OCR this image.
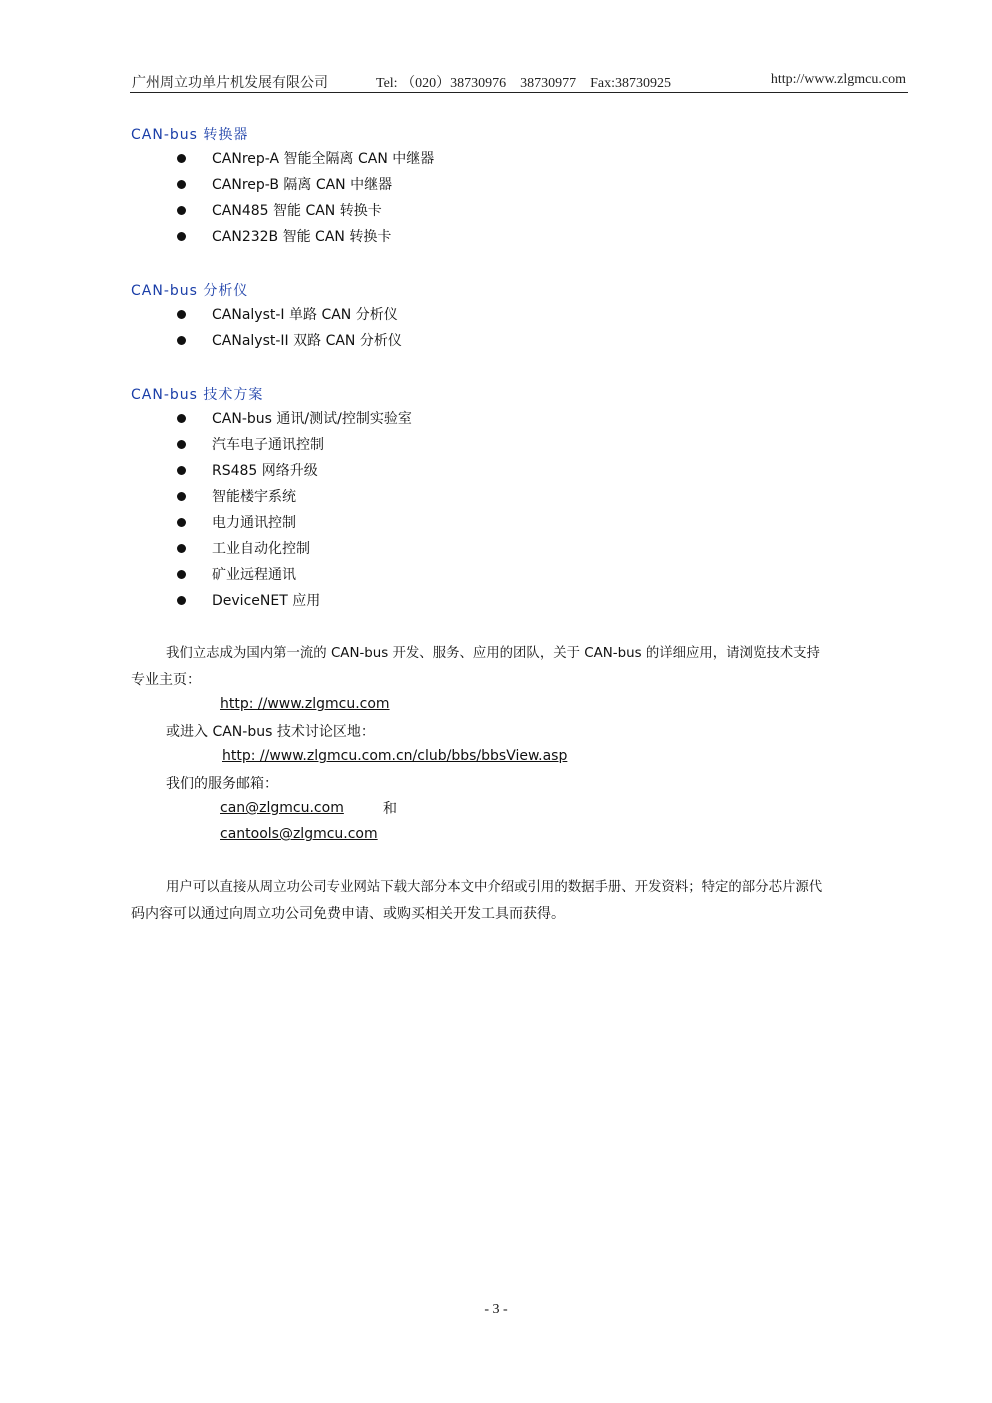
广州周立功单片机发展有限公司	Tel: （020）38730976　38730977　Fax:38730925	http://www.zlgmcu.com
CAN-bus 转换器
CANrep-A 智能全隔离 CAN 中继器
CANrep-B 隔离 CAN 中继器
CAN485 智能 CAN 转换卡
CAN232B 智能 CAN 转换卡
CAN-bus 分析仪
CANalyst-I 单路 CAN 分析仪
CANalyst-II 双路 CAN 分析仪
CAN-bus 技术方案
CAN-bus 通讯/测试/控制实验室
汽车电子通讯控制
RS485 网络升级
智能楼宇系统
电力通讯控制
工业自动化控制
矿业远程通讯
DeviceNET 应用
我们立志成为国内第一流的 CAN-bus 开发、服务、应用的团队，关于 CAN-bus 的详细应用，请浏览技术支持
专业主页：
http: //www.zlgmcu.com
或进入 CAN-bus 技术讨论区地：
http: //www.zlgmcu.com.cn/club/bbs/bbsView.asp
我们的服务邮箱：
can@zlgmcu.com	和
cantools@zlgmcu.com
用户可以直接从周立功公司专业网站下载大部分本文中介绍或引用的数据手册、开发资料；特定的部分芯片源代
码内容可以通过向周立功公司免费申请、或购买相关开发工具而获得。
- 3 -
